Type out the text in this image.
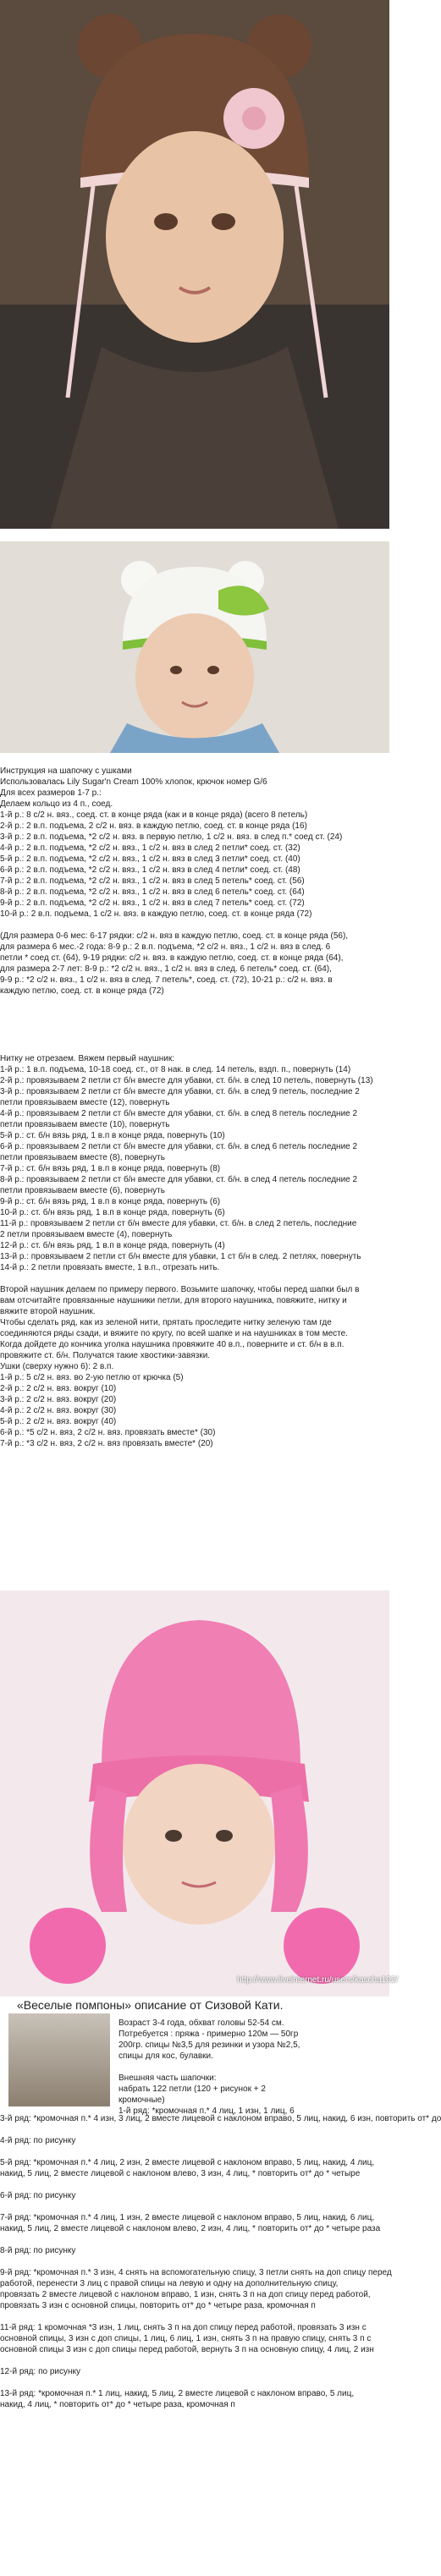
Инструкция на шапочку с ушками

Использовалась Lily Sugar'n Cream 100% хлопок, крючок номер G/6

Для всех размеров 1-7 р.:

Делаем кольцо из 4 п., соед.

1-й р.: 8 с/2 н. вяз., соед. ст. в конце ряда (как и в конце ряда) (всего 8 петель)

2-й р.: 2 в.п. подъема, 2 с/2 н. вяз. в каждую петлю, соед. ст. в конце ряда (16)

3-й р.: 2 в.п. подъема, *2 с/2 н. вяз. в первую петлю, 1 с/2 н. вяз. в след п.* соед ст. (24)

4-й р.: 2 в.п. подъема, *2 с/2 н. вяз., 1 с/2 н. вяз в след 2 петли* соед. ст. (32)

5-й р.: 2 в.п. подъема, *2 с/2 н. вяз., 1 с/2 н. вяз в след 3 петли* соед. ст. (40)

6-й р.: 2 в.п. подъема, *2 с/2 н. вяз., 1 с/2 н. вяз в след 4 петли* соед. ст. (48)

7-й р.: 2 в.п. подъема, *2 с/2 н. вяз., 1 с/2 н. вяз в след 5 петель* соед. ст. (56)

8-й р.: 2 в.п. подъема, *2 с/2 н. вяз., 1 с/2 н. вяз в след 6 петель* соед. ст. (64)

9-й р.: 2 в.п. подъема, *2 с/2 н. вяз., 1 с/2 н. вяз в след 7 петель* соед. ст. (72)

10-й р.: 2 в.п. подъема, 1 с/2 н. вяз. в каждую петлю, соед. ст. в конце ряда (72)

(Для размера 0-6 мес: 6-17 рядки: с/2 н. вяз в каждую петлю, соед. ст. в конце ряда (56),

для размера 6 мес.-2 года: 8-9 р.: 2 в.п. подъема, *2 с/2 н. вяз., 1 с/2 н. вяз в след. 6

петли * соед ст. (64), 9-19 рядки: с/2 н. вяз. в каждую петлю, соед. ст. в конце ряда (64),

для размера 2-7 лет: 8-9 р.: *2 с/2 н. вяз., 1 с/2 н. вяз в след. 6 петель* соед. ст. (64),

9-9 р.: *2 с/2 н. вяз., 1 с/2 н. вяз в след. 7 петель*, соед. ст. (72), 10-21 р.: с/2 н. вяз. в

каждую петлю, соед. ст. в конце ряда (72)

Нитку не отрезаем. Вяжем первый наушник:

1-й р.: 1 в.п. подъема, 10-18 соед. ст., от 8 нак. в след. 14 петель, вздп. п., повернуть (14)

2-й р.: провязываем 2 петли ст б/н вместе для убавки, ст. б/н. в след 10 петель, повернуть (13)

3-й р.: провязываем 2 петли ст б/н вместе для убавки, ст. б/н. в след 9 петель, последние 2

петли провязываем вместе (12), повернуть

4-й р.: провязываем 2 петли ст б/н вместе для убавки, ст. б/н. в след 8 петель последние 2

петли провязываем вместе (10), повернуть

5-й р.: ст. б/н вязь ряд, 1 в.п в конце ряда, повернуть (10)

6-й р.: провязываем 2 петли ст б/н вместе для убавки, ст. б/н. в след 6 петель последние 2

петли провязываем вместе (8), повернуть

7-й р.: ст. б/н вязь ряд, 1 в.п в конце ряда, повернуть (8)

8-й р.: провязываем 2 петли ст б/н вместе для убавки, ст. б/н. в след 4 петель последние 2

петли провязываем вместе (6), повернуть

9-й р.: ст. б/н вязь ряд, 1 в.п в конце ряда, повернуть (6)

10-й р.: ст. б/н вязь ряд, 1 в.п в конце ряда, повернуть (6)

11-й р.: провязываем 2 петли ст б/н вместе для убавки, ст. б/н. в след 2 петель, последние

2 петли провязываем вместе (4), повернуть

12-й р.: ст. б/н вязь ряд, 1 в.п в конце ряда, повернуть (4)

13-й р.: провязываем 2 петли ст б/н вместе для убавки, 1 ст б/н в след. 2 петлях, повернуть

14-й р.: 2 петли провязать вместе, 1 в.п., отрезать нить.

Второй наушник делаем по примеру первого. Возьмите шапочку, чтобы перед шапки был в

вам отсчитайте провязанные наушники петли, для второго наушника, повяжите, нитку и

вяжите второй наушник.

Чтобы сделать ряд, как из зеленой нити, прятать проследите нитку зеленую там где

соединяются ряды сзади, и вяжите по кругу, по всей шапке и на наушниках в том месте.

Когда дойдете до кончика уголка наушника провяжите 40 в.п., поверните и ст. б/н в в.п.

провяжите ст. б/н. Получатся такие хвостики-завязки.

Ушки (сверху нужно 6): 2 в.п.

1-й р.: 5 с/2 н. вяз. во 2-ую петлю от крючка (5)

2-й р.: 2 с/2 н. вяз. вокруг (10)

3-й р.: 2 с/2 н. вяз. вокруг (20)

4-й р.: 2 с/2 н. вяз. вокруг (30)

5-й р.: 2 с/2 н. вяз. вокруг (40)

6-й р.: *5 с/2 н. вяз, 2 с/2 н. вяз. провязать вместе* (30)

7-й р.: *3 с/2 н. вяз, 2 с/2 н. вяз провязать вместе* (20)

http://www.liveinternet.ru/users/kascha102/
«Веселые помпоны» описание от Сизовой Кати.

Возраст 3-4 года, обхват головы 52-54 см.

Потребуется : пряжа - примерно 120м — 50гр

200гр. спицы №3,5 для резинки и узора №2,5,

спицы для кос, булавки.

Внешняя часть шапочки:

набрать 122 петли (120 + рисунок + 2

кромочные)

1-й ряд: *кромочная п.* 4 лиц, 1 изн, 1 лиц, 6

3-й ряд: *кромочная п.* 4 изн, 3 лиц, 2 вместе лицевой с наклоном вправо, 5 лиц, накид, 6 изн, повторить от* до

4-й ряд: по рисунку

5-й ряд: *кромочная п.* 4 лиц, 2 изн, 2 вместе лицевой с наклоном вправо, 5 лиц, накид, 4 лиц,

накид, 5 лиц, 2 вместе лицевой с наклоном влево, 3 изн, 4 лиц, * повторить от* до * четыре

6-й ряд: по рисунку

7-й ряд: *кромочная п.* 4 лиц, 1 изн, 2 вместе лицевой с наклоном вправо, 5 лиц, накид, 6 лиц,

накид, 5 лиц, 2 вместе лицевой с наклоном влево, 2 изн, 4 лиц, * повторить от* до * четыре раза

8-й ряд: по рисунку

9-й ряд: *кромочная п.* 3 изн, 4 снять на вспомогательную спицу, 3 петли снять на доп спицу перед

работой, перенести 3 лиц с правой спицы на левую и одну на дополнительную спицу,

провязать 2 вместе лицевой с наклоном вправо, 1 изн, снять 3 п на доп спицу перед работой,

провязать 3 изн с основной спицы, повторить от* до * четыре раза, кромочная п

11-й ряд: 1 кромочная *3 изн, 1 лиц, снять 3 п на доп спицу перед работой, провязать 3 изн с

основной спицы, 3 изн с доп спицы, 1 лиц, 6 лиц, 1 изн, снять 3 п на правую спицу, снять 3 п с

основной спицы 3 изн с доп спицы перед работой, вернуть 3 п на основную спицу, 4 лиц, 2 изн

12-й ряд: по рисунку

13-й ряд: *кромочная п.* 1 лиц, накид, 5 лиц, 2 вместе лицевой с наклоном вправо, 5 лиц,

накид, 4 лиц, * повторить от* до * четыре раза, кромочная п
